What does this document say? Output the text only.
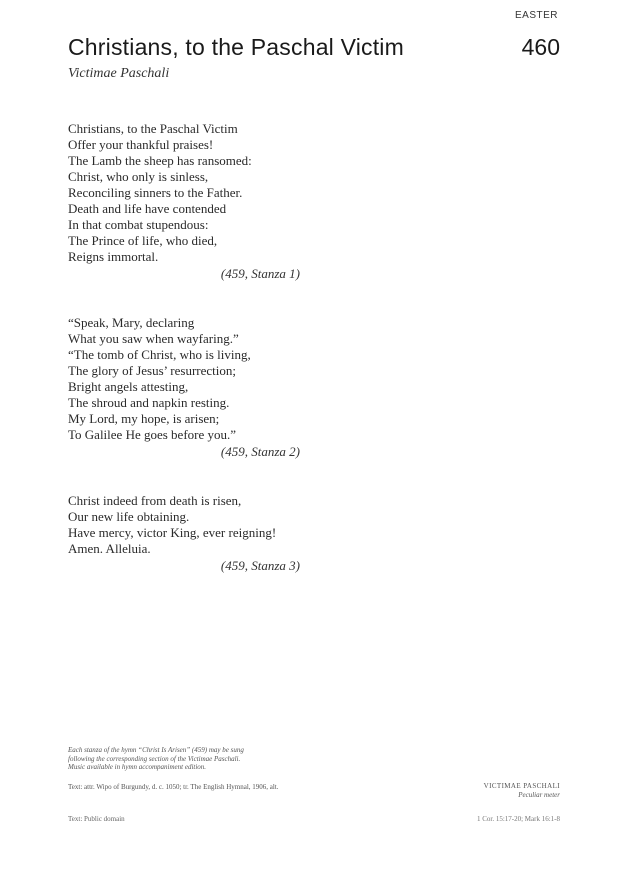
EASTER
Christians, to the Paschal Victim	460
Victimae Paschali
Christians, to the Paschal Victim
Offer your thankful praises!
The Lamb the sheep has ransomed:
Christ, who only is sinless,
Reconciling sinners to the Father.
Death and life have contended
In that combat stupendous:
The Prince of life, who died,
Reigns immortal.
(459, Stanza 1)
“Speak, Mary, declaring
What you saw when wayfaring.”
“The tomb of Christ, who is living,
The glory of Jesus’ resurrection;
Bright angels attesting,
The shroud and napkin resting.
My Lord, my hope, is arisen;
To Galilee He goes before you.”
(459, Stanza 2)
Christ indeed from death is risen,
Our new life obtaining.
Have mercy, victor King, ever reigning!
Amen. Alleluia.
(459, Stanza 3)
Each stanza of the hymn “Christ Is Arisen” (459) may be sung
following the corresponding section of the Victimae Paschali.
Music available in hymn accompaniment edition.
Text: attr. Wipo of Burgundy, d. c. 1050; tr. The English Hymnal, 1906, alt.	VICTIMAE PASCHALI
Peculiar meter
Text: Public domain	1 Cor. 15:17-20; Mark 16:1-8
